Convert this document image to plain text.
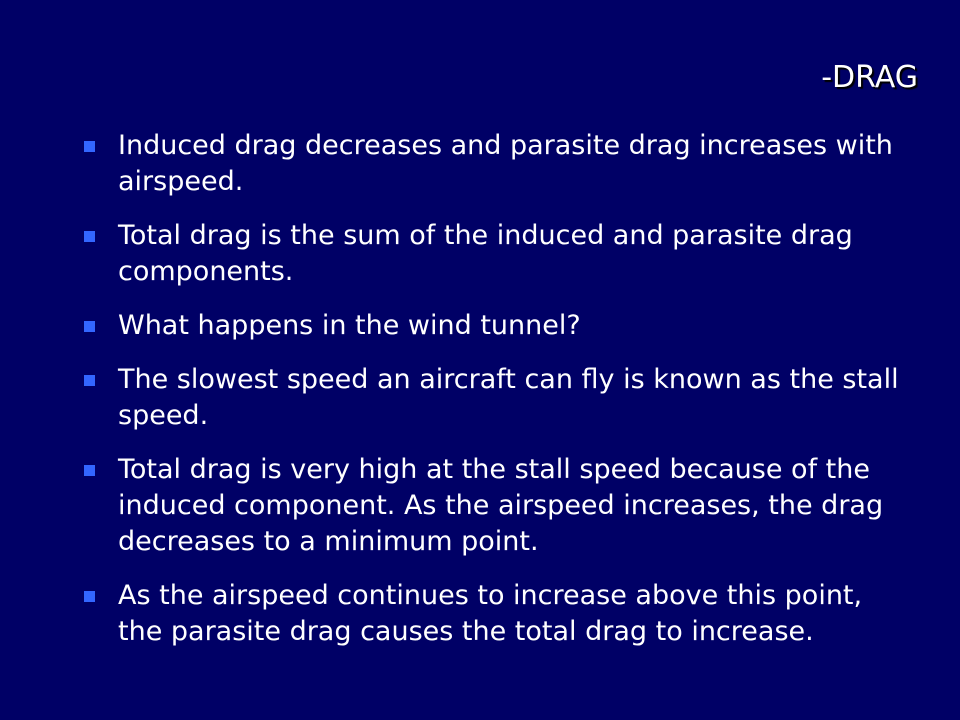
-DRAG
Induced drag decreases and parasite drag increases with airspeed.
Total drag is the sum of the induced and parasite drag components.
What happens in the wind tunnel?
The slowest speed an aircraft can fly is known as the stall speed.
Total drag is very high at the stall speed because of the induced component. As the airspeed increases, the drag decreases to a minimum point.
As the airspeed continues to increase above this point, the parasite drag causes the total drag to increase.
